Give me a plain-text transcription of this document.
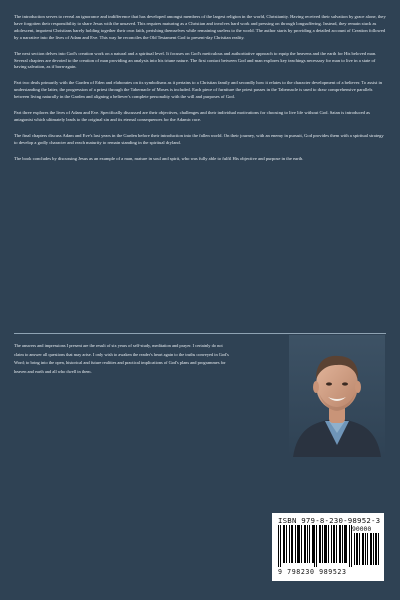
The introduction serves to reveal an ignorance and indifference that has developed amongst members of the largest religion in the world, Christianity. Having received their salvation by grace alone, they have forgotten their responsibility to share Jesus with the unsaved. This requires maturing as a Christian and involves hard work and pressing on through longsuffering. Instead, they remain stuck as adolescent, impotent Christians barely holding together their own faith, perishing themselves while remaining useless to the world. The author starts by providing a detailed account of Creation followed by a narrative into the lives of Adam and Eve. This way he reconciles the Old Testament God to present-day Christian reality.

The next section delves into God's creation work on a natural and a spiritual level. It focuses on God's meticulous and authoritative approach to equip the heavens and the earth for His beloved man. Several chapters are devoted to the creation of man providing an analysis into his triune nature. The first contact between God and man explores key teachings necessary for man to live in a state of having salvation, as if born-again.

Part two deals primarily with the Garden of Eden and elaborates on its symbolisms as it pertains to a Christian family and secondly how it relates to the character development of a believer. To assist in understanding the latter, the progression of a priest through the Tabernacle of Moses is included. Each piece of furniture the priest passes in the Tabernacle is used to draw comprehensive parallels between living naturally in the Garden and aligning a believer's complete personality with the will and purposes of God.

Part three explores the lives of Adam and Eve. Specifically discussed are their objectives, challenges and their individual motivations for choosing to live life without God. Satan is introduced as antagonist which ultimately leads to the original sin and its eternal consequences for the Adamic race.

The final chapters discuss Adam and Eve's last years in the Garden before their introduction into the fallen world. On their journey, with an enemy in pursuit, God provides them with a spiritual strategy to develop a godly character and reach maturity to remain standing in the spiritual dryland.

The book concludes by discussing Jesus as an example of a man, mature in soul and spirit, who was fully able to fulfil His objective and purpose in the earth.

The answers and impressions I present are the result of six years of self-study, meditation and prayer. I certainly do not claim to answer all questions that may arise. I only wish to awaken the reader's heart again to the truths conveyed in God's Word; to bring into the open, historical and future realities and practical implications of God's plans and programmes for heaven and earth and all who dwell in them.

ISBN 979-8-230-98952-3
90000
9 798230 989523
